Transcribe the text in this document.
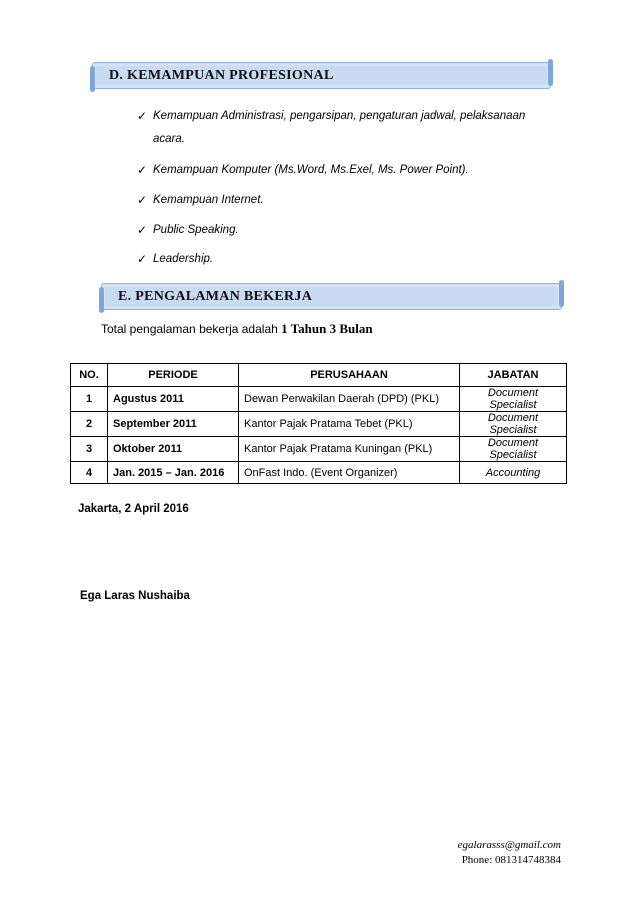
D. KEMAMPUAN PROFESIONAL
✓ Kemampuan Administrasi, pengarsipan, pengaturan jadwal, pelaksanaan
acara.
✓ Kemampuan Komputer (Ms.Word, Ms.Exel, Ms. Power Point).
✓ Kemampuan Internet.
✓ Public Speaking.
✓ Leadership.
E. PENGALAMAN BEKERJA
Total pengalaman bekerja adalah 1 Tahun 3 Bulan
NO.	PERIODE	PERUSAHAAN	JABATAN
1	Agustus 2011	Dewan Perwakilan Daerah (DPD) (PKL)	Document Specialist
2	September 2011	Kantor Pajak Pratama Tebet (PKL)	Document Specialist
3	Oktober 2011	Kantor Pajak Pratama Kuningan (PKL)	Document Specialist
4	Jan. 2015 – Jan. 2016	OnFast Indo. (Event Organizer)	Accounting
Jakarta, 2 April 2016
Ega Laras Nushaiba
egalarasss@gmail.com
Phone: 081314748384
